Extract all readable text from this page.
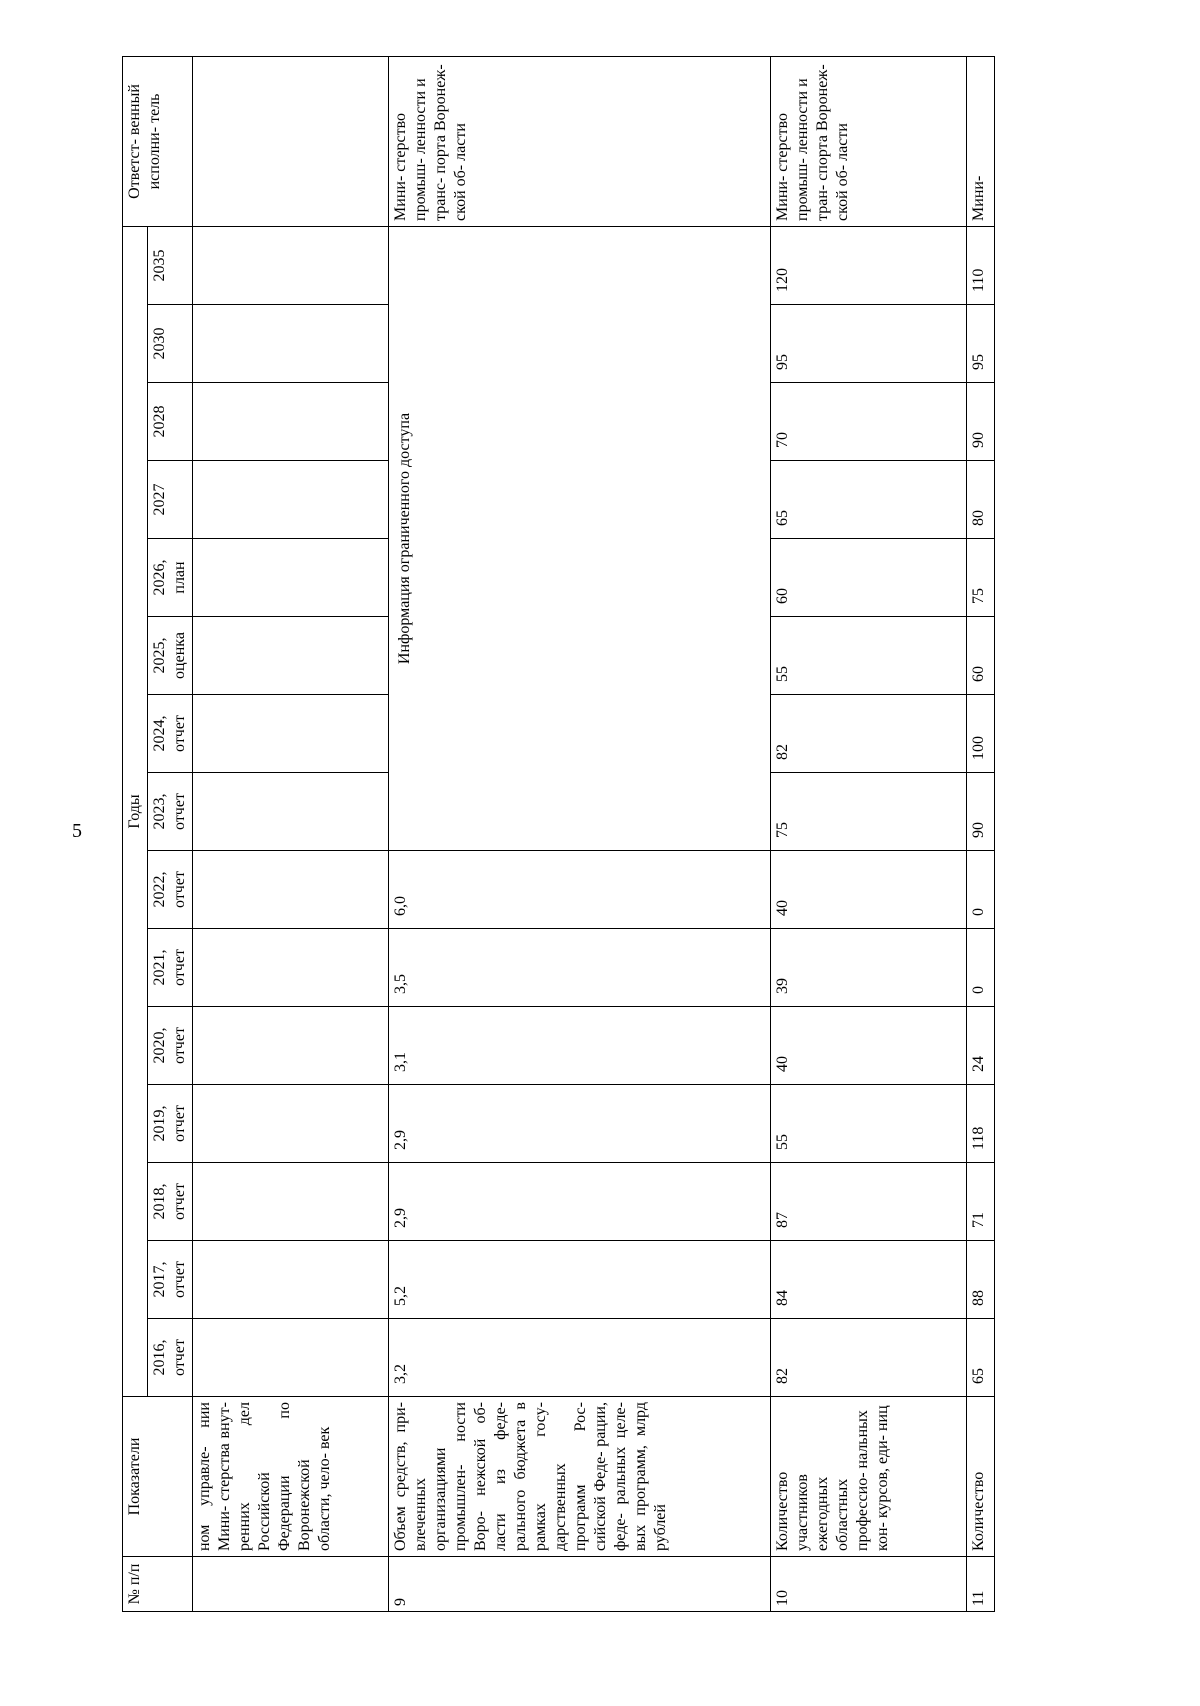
5
№ п/п	Показатели	Годы															Ответст- венный исполни- тель
		2016, отчет	2017, отчет	2018, отчет	2019, отчет	2020, отчет	2021, отчет	2022, отчет	2023, отчет	2024, отчет	2025, оценка	2026, план	2027	2028	2030	2035	
	ном управле- нии Мини- стерства внут- ренних дел Российской Федерации по Воронежской области, чело- век																
9	Объем средств, при- влеченных организациями промышлен- ности Воро- нежской об- ласти из феде- рального бюджета в рамках госу- дарственных программ Рос- сийской Феде- рации, феде- ральных целе- вых программ, млрд рублей	3,2	5,2	2,9	2,9	3,1	3,5	6,0	Информация ограниченного доступа								Мини- стерство промыш- ленности и транс- порта Воронеж- ской об- ласти
10	Количество участников ежегодных областных профессио- нальных кон- курсов, еди- ниц	82	84	87	55	40	39	40	75	82	55	60	65	70	95	120	Мини- стерство промыш- ленности и тран- спорта Воронеж- ской об- ласти
11	Количество	65	88	71	118	24	0	0	90	100	60	75	80	90	95	110	Мини-
